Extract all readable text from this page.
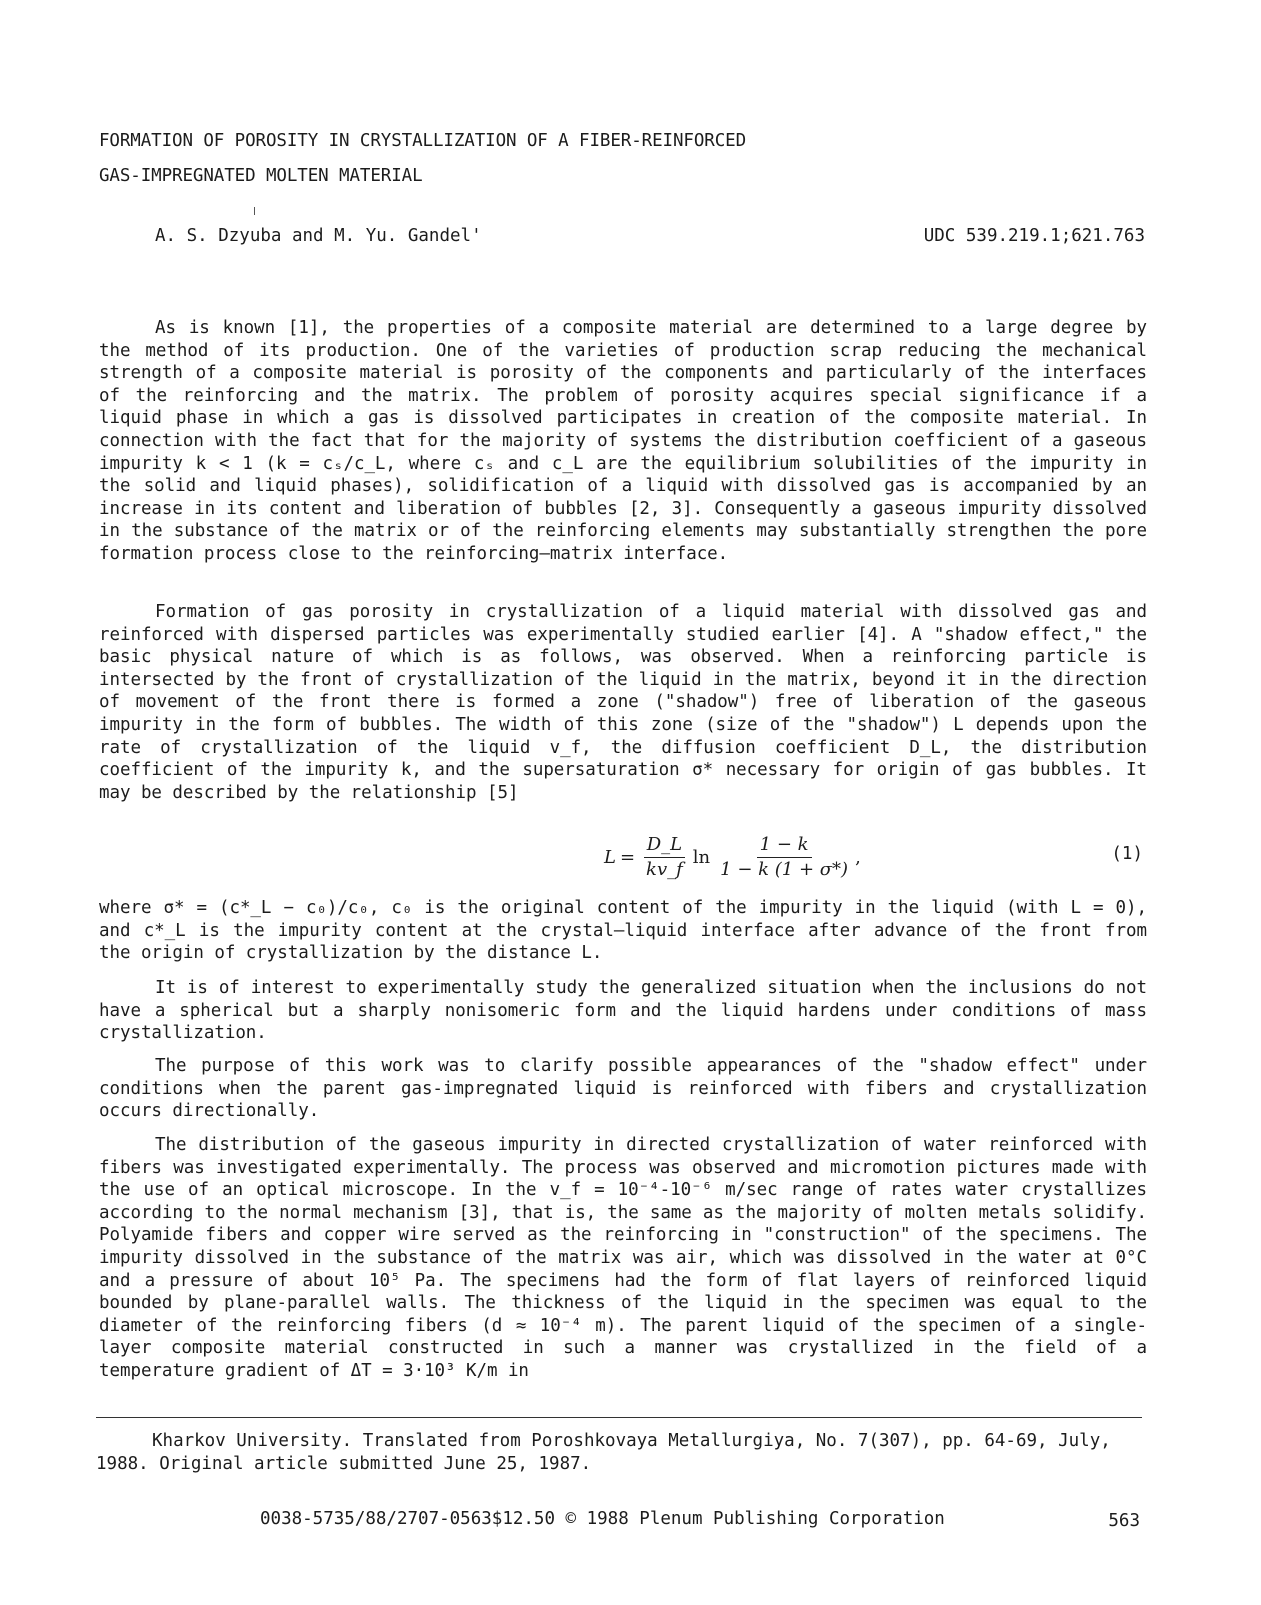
FORMATION OF POROSITY IN CRYSTALLIZATION OF A FIBER-REINFORCED
GAS-IMPREGNATED MOLTEN MATERIAL
A. S. Dzyuba and M. Yu. Gandel'	UDC 539.219.1;621.763

As is known [1], the properties of a composite material are determined to a large degree by the method of its production. One of the varieties of production scrap reducing the mechanical strength of a composite material is porosity of the components and particularly of the interfaces of the reinforcing and the matrix. The problem of porosity acquires special significance if a liquid phase in which a gas is dissolved participates in creation of the composite material. In connection with the fact that for the majority of systems the distribution coefficient of a gaseous impurity k < 1 (k = cₛ/c_L, where cₛ and c_L are the equilibrium solubilities of the impurity in the solid and liquid phases), solidification of a liquid with dissolved gas is accompanied by an increase in its content and liberation of bubbles [2, 3]. Consequently a gaseous impurity dissolved in the substance of the matrix or of the reinforcing elements may substantially strengthen the pore formation process close to the reinforcing—matrix interface.

Formation of gas porosity in crystallization of a liquid material with dissolved gas and reinforced with dispersed particles was experimentally studied earlier [4]. A "shadow effect," the basic physical nature of which is as follows, was observed. When a reinforcing particle is intersected by the front of crystallization of the liquid in the matrix, beyond it in the direction of movement of the front there is formed a zone ("shadow") free of liberation of the gaseous impurity in the form of bubbles. The width of this zone (size of the "shadow") L depends upon the rate of crystallization of the liquid v_f, the diffusion coefficient D_L, the distribution coefficient of the impurity k, and the supersaturation σ* necessary for origin of gas bubbles. It may be described by the relationship [5]

$L = \frac{D\_L}{kv\_f}$ $\ln \frac{1 - k}{1 - k (1 + \sigma*)}$ ,	(1)

where σ* = (c*_L − c₀)/c₀, c₀ is the original content of the impurity in the liquid (with L = 0), and c*_L is the impurity content at the crystal—liquid interface after advance of the front from the origin of crystallization by the distance L.

It is of interest to experimentally study the generalized situation when the inclusions do not have a spherical but a sharply nonisomeric form and the liquid hardens under conditions of mass crystallization.

The purpose of this work was to clarify possible appearances of the "shadow effect" under conditions when the parent gas-impregnated liquid is reinforced with fibers and crystallization occurs directionally.

The distribution of the gaseous impurity in directed crystallization of water reinforced with fibers was investigated experimentally. The process was observed and micromotion pictures made with the use of an optical microscope. In the v_f = 10⁻⁴-10⁻⁶ m/sec range of rates water crystallizes according to the normal mechanism [3], that is, the same as the majority of molten metals solidify. Polyamide fibers and copper wire served as the reinforcing in "construction" of the specimens. The impurity dissolved in the substance of the matrix was air, which was dissolved in the water at 0°C and a pressure of about 10⁵ Pa. The specimens had the form of flat layers of reinforced liquid bounded by plane-parallel walls. The thickness of the liquid in the specimen was equal to the diameter of the reinforcing fibers (d ≈ 10⁻⁴ m). The parent liquid of the specimen of a single-layer composite material constructed in such a manner was crystallized in the field of a temperature gradient of ΔT = 3·10³ K/m in

Kharkov University. Translated from Poroshkovaya Metallurgiya, No. 7(307), pp. 64-69, July, 1988. Original article submitted June 25, 1987.

0038-5735/88/2707-0563$12.50 © 1988 Plenum Publishing Corporation	563
